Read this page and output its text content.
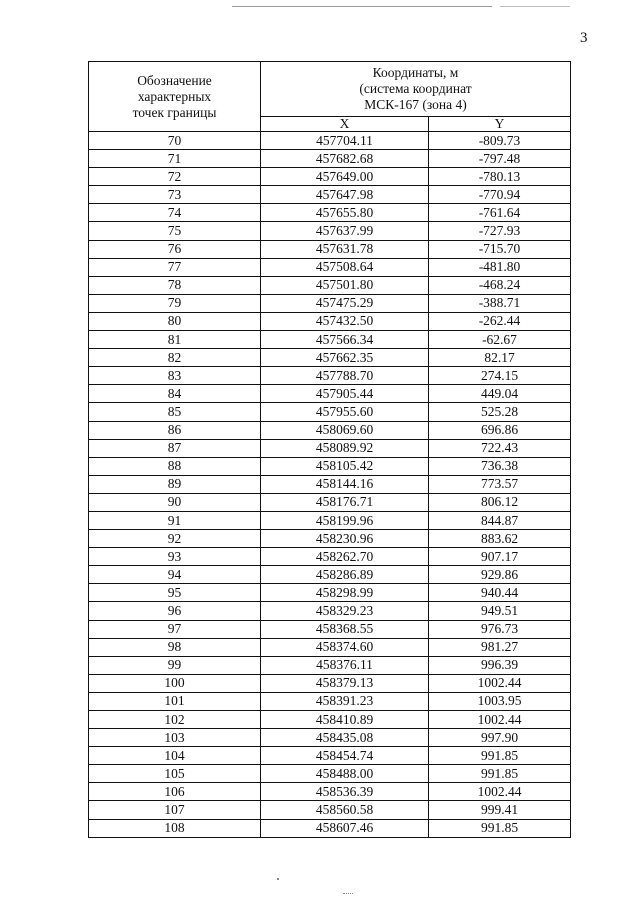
3
Обозначение
характерных
точек границы	Координаты, м
(система координат
МСК-167 (зона 4)	

	X	Y
70	457704.11	-809.73
71	457682.68	-797.48
72	457649.00	-780.13
73	457647.98	-770.94
74	457655.80	-761.64
75	457637.99	-727.93
76	457631.78	-715.70
77	457508.64	-481.80
78	457501.80	-468.24
79	457475.29	-388.71
80	457432.50	-262.44
81	457566.34	-62.67
82	457662.35	82.17
83	457788.70	274.15
84	457905.44	449.04
85	457955.60	525.28
86	458069.60	696.86
87	458089.92	722.43
88	458105.42	736.38
89	458144.16	773.57
90	458176.71	806.12
91	458199.96	844.87
92	458230.96	883.62
93	458262.70	907.17
94	458286.89	929.86
95	458298.99	940.44
96	458329.23	949.51
97	458368.55	976.73
98	458374.60	981.27
99	458376.11	996.39
100	458379.13	1002.44
101	458391.23	1003.95
102	458410.89	1002.44
103	458435.08	997.90
104	458454.74	991.85
105	458488.00	991.85
106	458536.39	1002.44
107	458560.58	999.41
108	458607.46	991.85
